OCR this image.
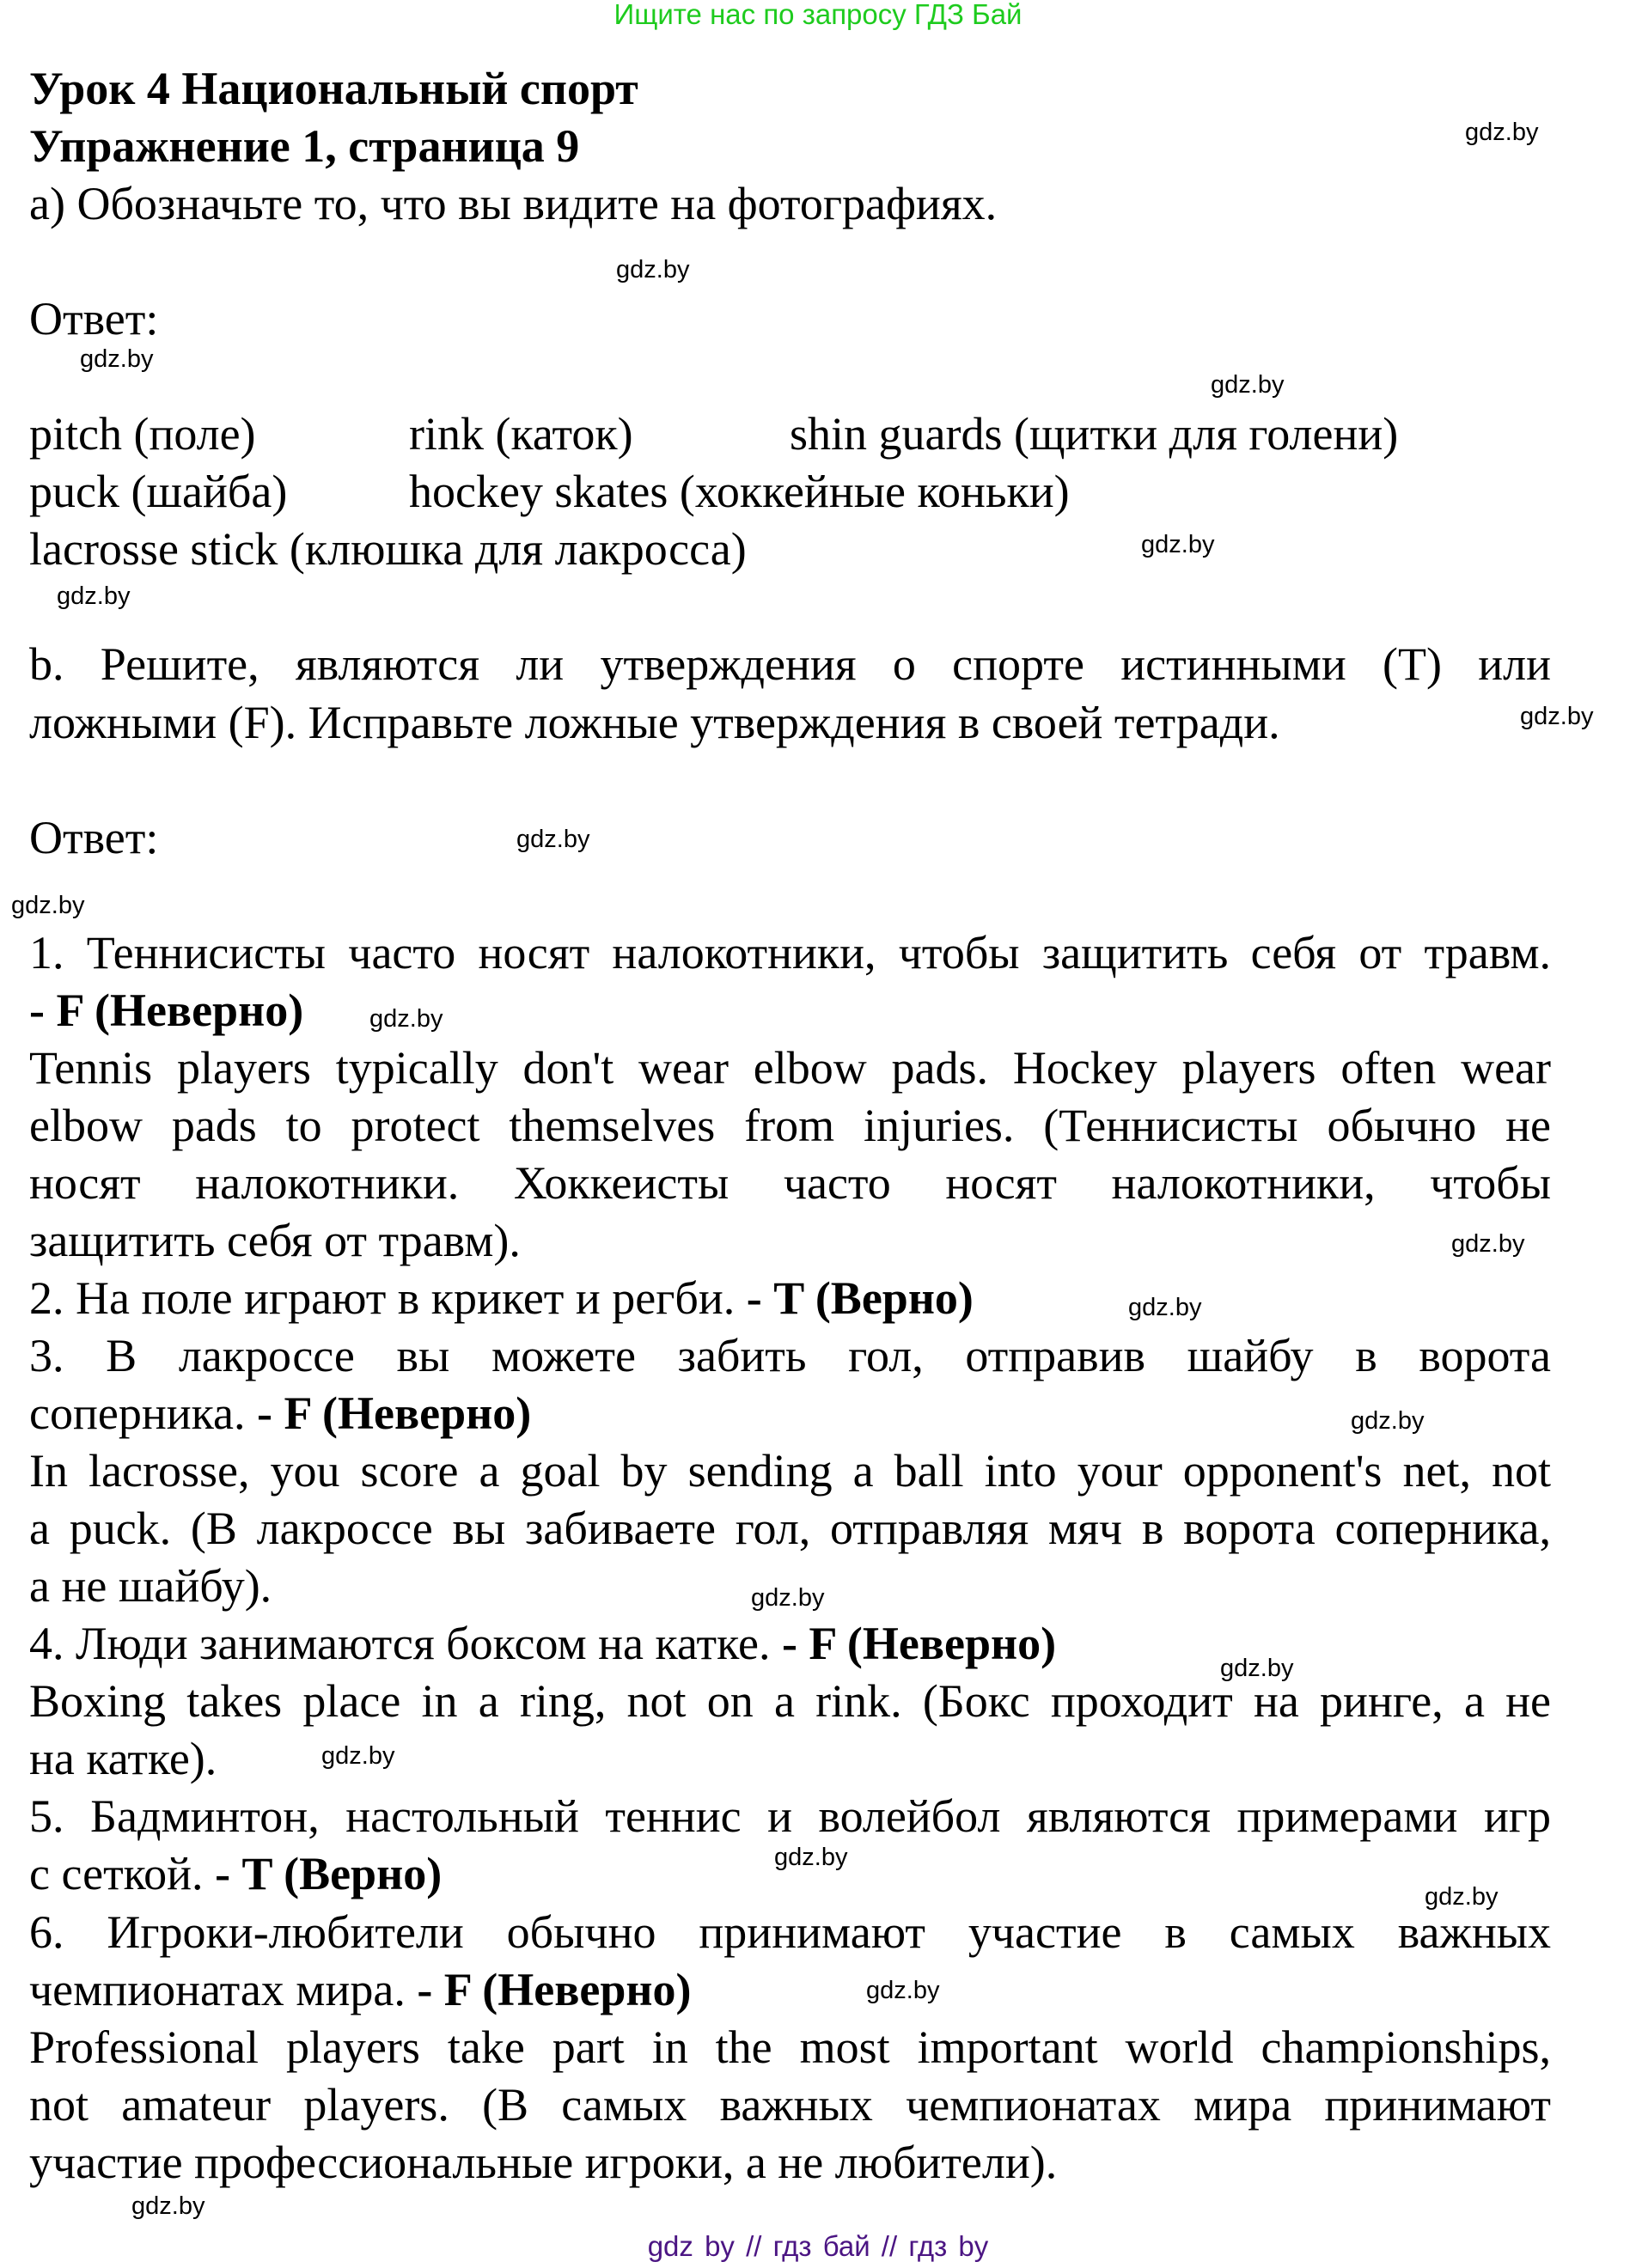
Ищите нас по запросу ГДЗ Бай
Урок 4 Национальный спорт
Упражнение 1, страница 9
а) Обозначьте то, что вы видите на фотографиях.
Ответ:
pitch (поле)	rink (каток)	shin guards (щитки для голени)
puck (шайба)	hockey skates (хоккейные коньки)
lacrosse stick (клюшка для лакросса)
b. Решите, являются ли утверждения о спорте истинными (Т) или
ложными (F). Исправьте ложные утверждения в своей тетради.
Ответ:
1. Теннисисты часто носят налокотники, чтобы защитить себя от травм.
- F (Неверно)
Tennis players typically don't wear elbow pads. Hockey players often wear
elbow pads to protect themselves from injuries. (Теннисисты обычно не
носят налокотники. Хоккеисты часто носят налокотники, чтобы
защитить себя от травм).
2. На поле играют в крикет и регби. - T (Верно)
3. В лакроссе вы можете забить гол, отправив шайбу в ворота
соперника. - F (Неверно)
In lacrosse, you score a goal by sending a ball into your opponent's net, not
a puck. (В лакроссе вы забиваете гол, отправляя мяч в ворота соперника,
а не шайбу).
4. Люди занимаются боксом на катке. - F (Неверно)
Boxing takes place in a ring, not on a rink. (Бокс проходит на ринге, а не
на катке).
5. Бадминтон, настольный теннис и волейбол являются примерами игр
с сеткой. - T (Верно)
6. Игроки-любители обычно принимают участие в самых важных
чемпионатах мира. - F (Неверно)
Professional players take part in the most important world championships,
not amateur players. (В самых важных чемпионатах мира принимают
участие профессиональные игроки, а не любители).
gdz.by
gdz.by
gdz.by
gdz.by
gdz.by
gdz.by
gdz.by
gdz.by
gdz.by
gdz.by
gdz.by
gdz.by
gdz.by
gdz.by
gdz.by
gdz.by
gdz.by
gdz.by
gdz.by
gdz.by
gdz by // гдз бай // гдз by
